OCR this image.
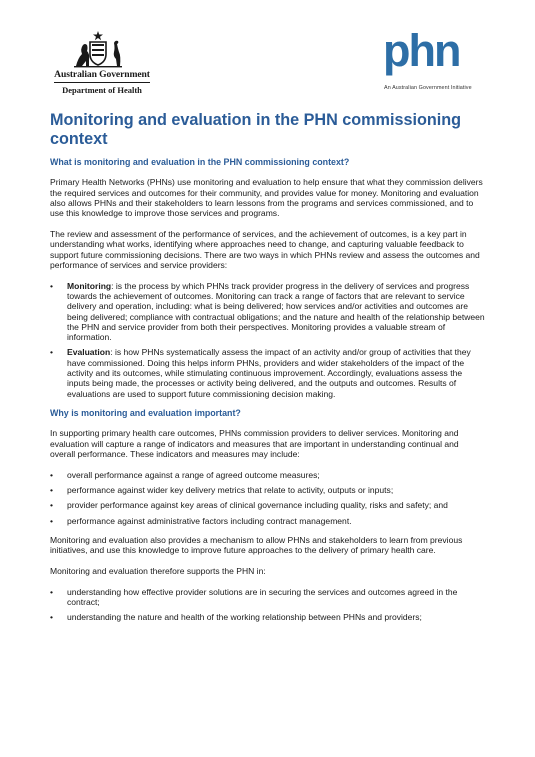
Australian Government
Department of Health
phn
An Australian Government Initiative
Monitoring and evaluation in the PHN commissioning context
What is monitoring and evaluation in the PHN commissioning context?

Primary Health Networks (PHNs) use monitoring and evaluation to help ensure that what they commission delivers the required services and outcomes for their community, and provides value for money. Monitoring and evaluation also allows PHNs and their stakeholders to learn lessons from the programs and services commissioned, and to use this knowledge to improve those services and programs.

The review and assessment of the performance of services, and the achievement of outcomes, is a key part in understanding what works, identifying where approaches need to change, and capturing valuable feedback to support future commissioning decisions. There are two ways in which PHNs review and assess the outcomes and performance of services and service providers:

• Monitoring: is the process by which PHNs track provider progress in the delivery of services and progress towards the achievement of outcomes. Monitoring can track a range of factors that are relevant to service delivery and operation, including: what is being delivered; how services and/or activities and outcomes are being delivered; compliance with contractual obligations; and the nature and health of the relationship between the PHN and service provider from both their perspectives. Monitoring provides a valuable stream of information.
• Evaluation: is how PHNs systematically assess the impact of an activity and/or group of activities that they have commissioned. Doing this helps inform PHNs, providers and wider stakeholders of the impact of the activity and its outcomes, while stimulating continuous improvement. Accordingly, evaluations assess the inputs being made, the processes or activity being delivered, and the outputs and outcomes. Results of evaluations are used to support future commissioning decision making.
Why is monitoring and evaluation important?

In supporting primary health care outcomes, PHNs commission providers to deliver services. Monitoring and evaluation will capture a range of indicators and measures that are important in understanding continual and overall performance. These indicators and measures may include:

• overall performance against a range of agreed outcome measures;
• performance against wider key delivery metrics that relate to activity, outputs or inputs;
• provider performance against key areas of clinical governance including quality, risks and safety; and
• performance against administrative factors including contract management.

Monitoring and evaluation also provides a mechanism to allow PHNs and stakeholders to learn from previous initiatives, and use this knowledge to improve future approaches to the delivery of primary health care.

Monitoring and evaluation therefore supports the PHN in:

• understanding how effective provider solutions are in securing the services and outcomes agreed in the contract;
• understanding the nature and health of the working relationship between PHNs and providers;
